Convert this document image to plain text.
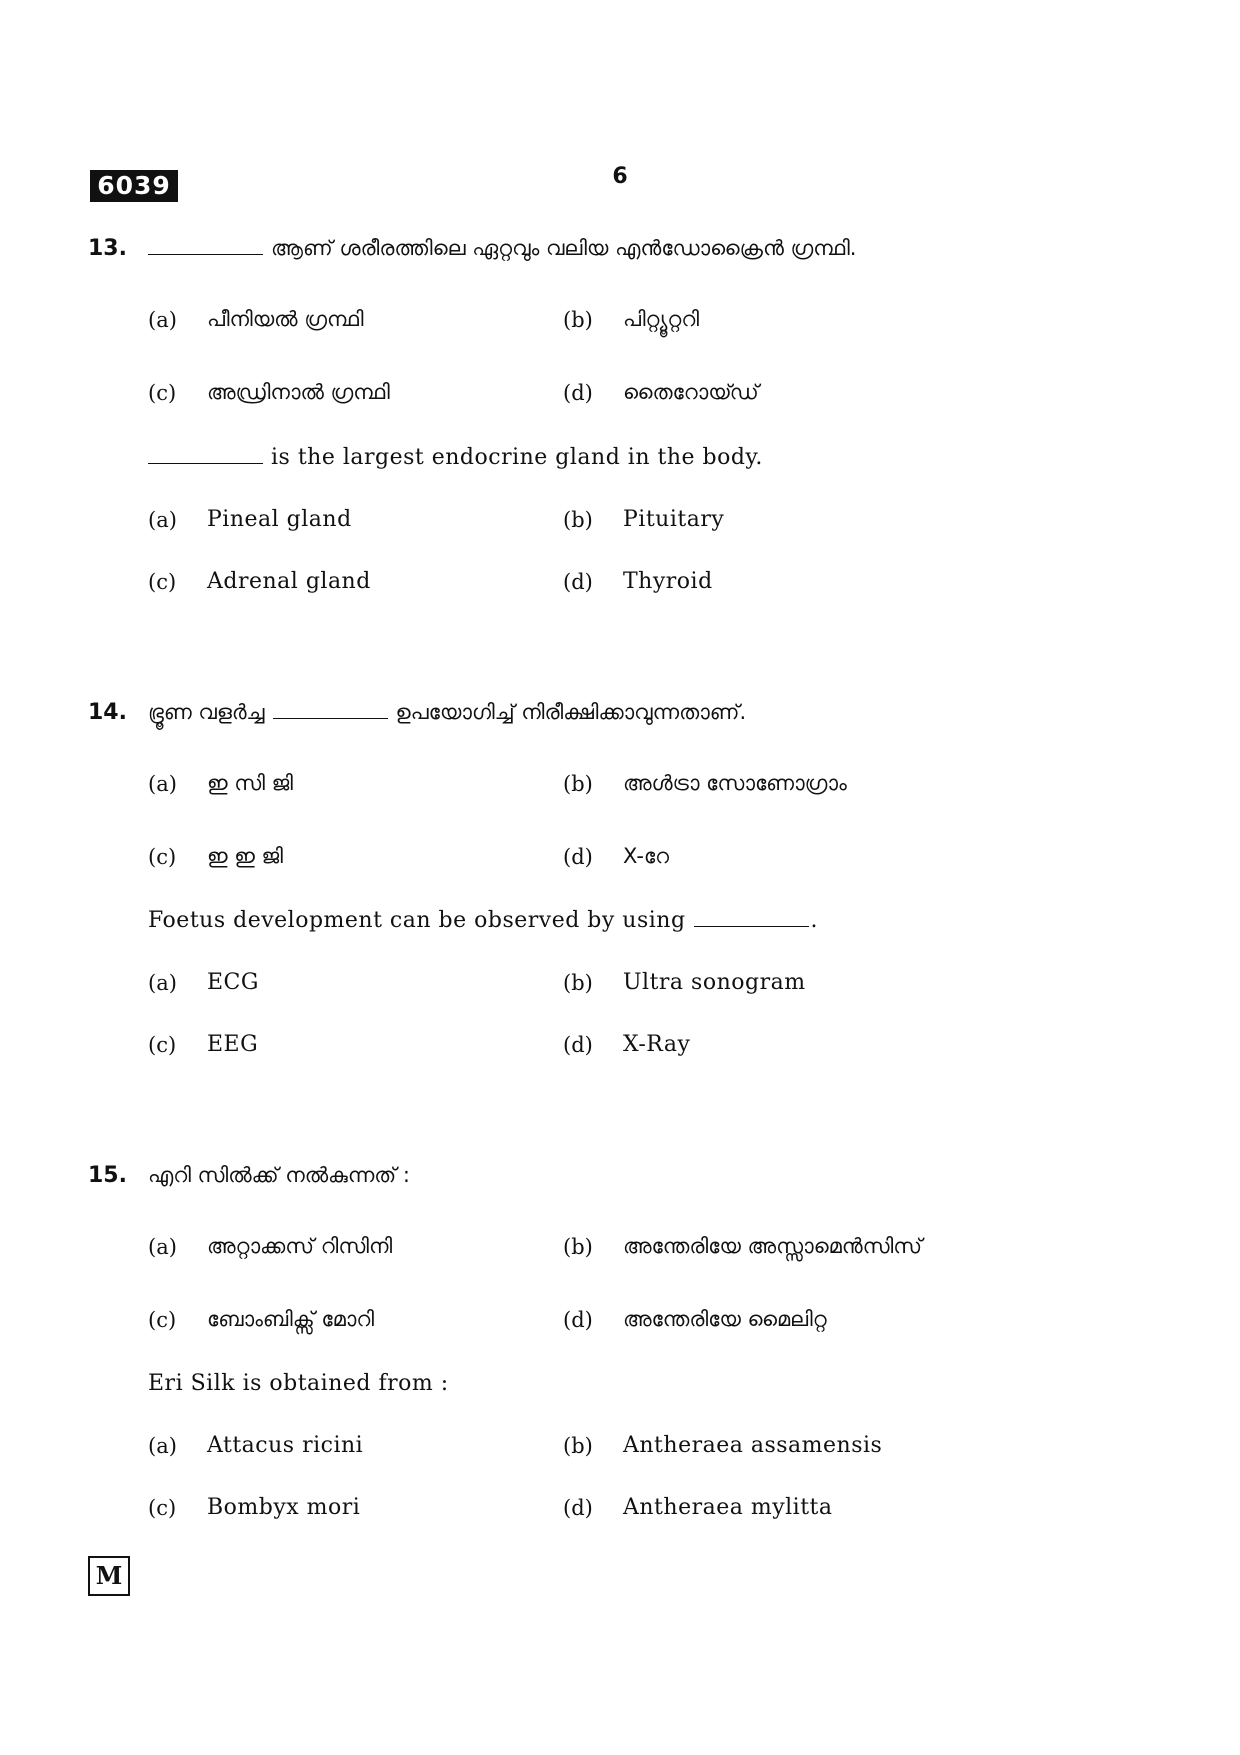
6039	6
13.	ആണ് ശരീരത്തിലെ ഏറ്റവും വലിയ എൻഡോക്രൈൻ ഗ്രന്ഥി.
(a) പീനിയൽ ഗ്രന്ഥി	(b) പിറ്റ്യൂറ്ററി
(c) അഡ്രിനാൽ ഗ്രന്ഥി	(d) തൈറോയ്ഡ്
is the largest endocrine gland in the body.
(a) Pineal gland	(b) Pituitary
(c) Adrenal gland	(d) Thyroid
14. ഭ്രൂണ വളർച്ച	ഉപയോഗിച്ച് നിരീക്ഷിക്കാവുന്നതാണ്.
(a) ഇ സി ജി	(b) അൾട്രാ സോണോഗ്രാം
(c) ഇ ഇ ജി	(d) X-റേ
Foetus development can be observed by using	.
(a) ECG	(b) Ultra sonogram
(c) EEG	(d) X-Ray
15. എറി സിൽക്ക് നൽകുന്നത് :
(a) അറ്റാക്കസ് റിസിനി	(b) അന്തേരിയേ അസ്സാമെൻസിസ്
(c) ബോംബിക്സ് മോറി	(d) അന്തേരിയേ മൈലിറ്റ
Eri Silk is obtained from :
(a) Attacus ricini	(b) Antheraea assamensis
(c) Bombyx mori	(d) Antheraea mylitta
M
